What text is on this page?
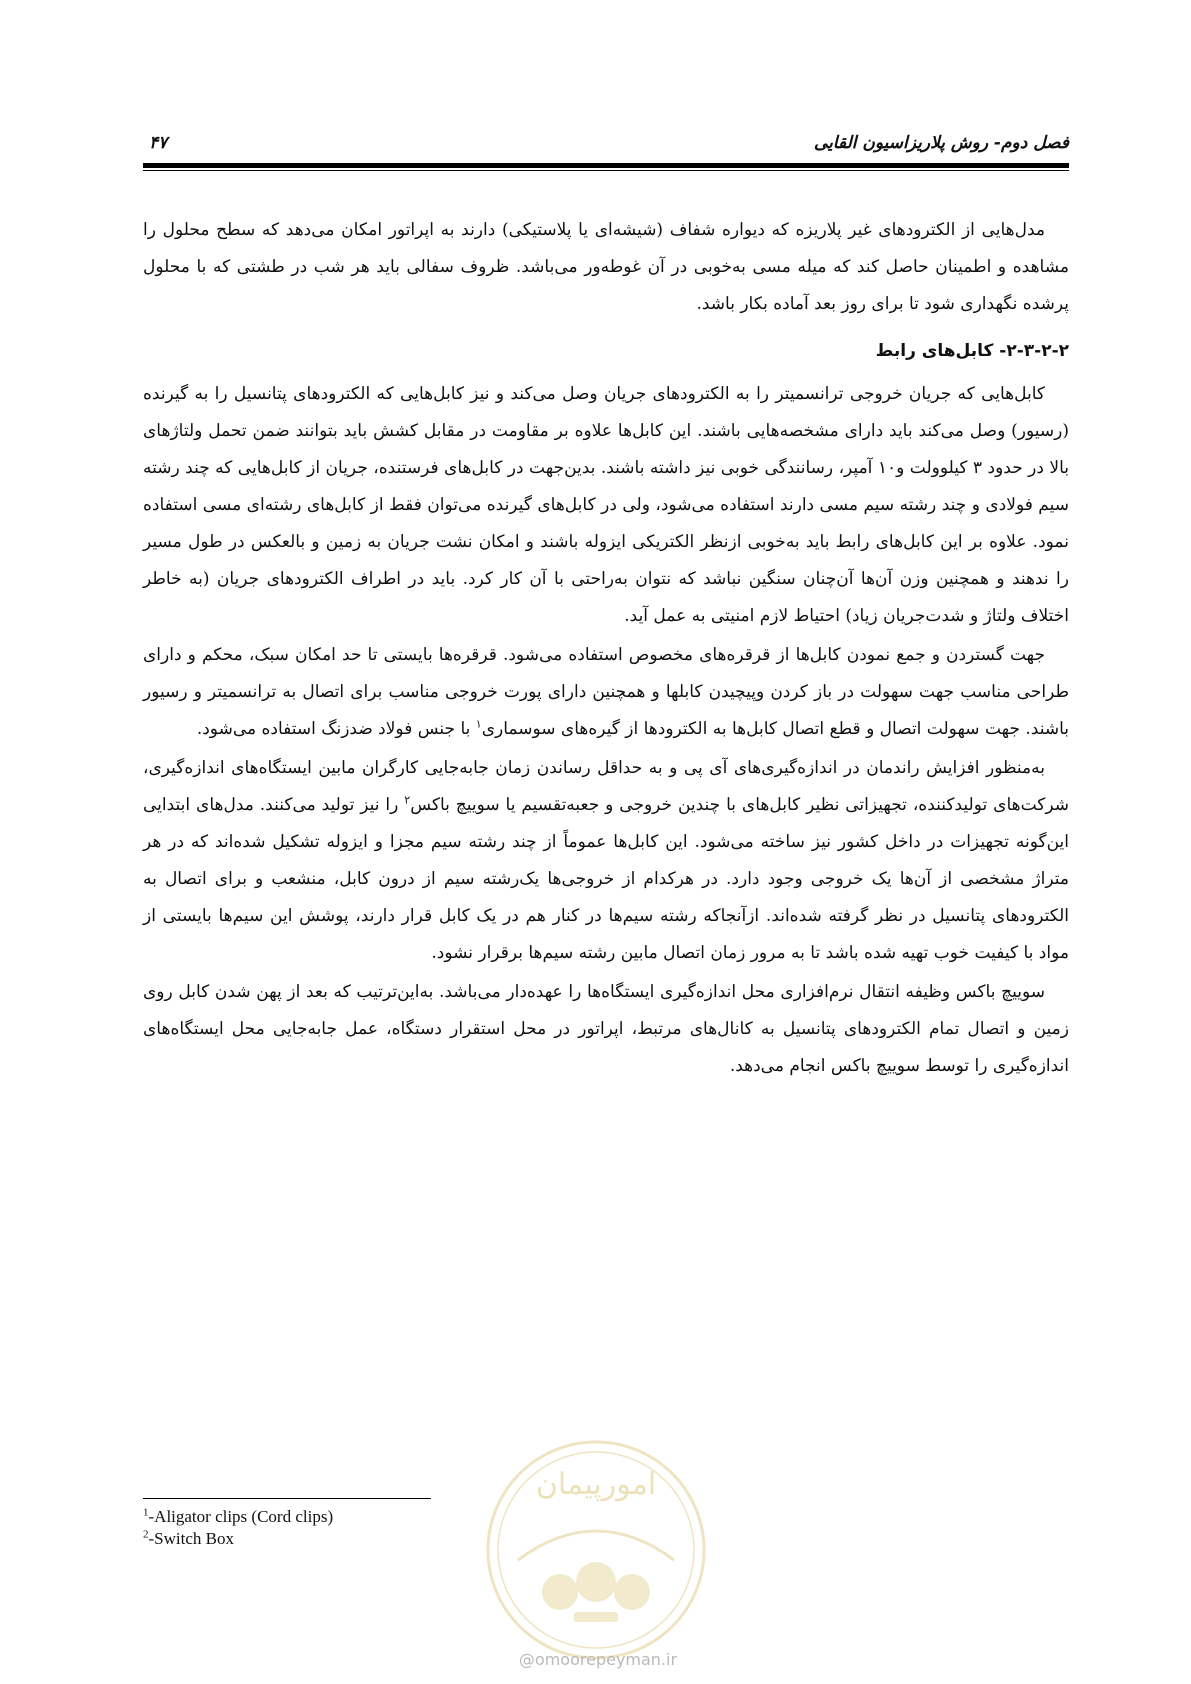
فصل دوم- روش پلاریزاسیون القایی
۴۷

مدل‌هایی از الکترودهای غیر پلاریزه که دیواره شفاف (شیشه‌ای یا پلاستیکی) دارند به اپراتور امکان می‌دهد که سطح محلول را مشاهده و اطمینان حاصل کند که میله مسی به‌خوبی در آن غوطه‌ور می‌باشد. ظروف سفالی باید هر شب در طشتی که با محلول پرشده نگهداری شود تا برای روز بعد آماده بکار باشد.

۲-۳-۲-۲- کابل‌های رابط

کابل‌هایی که جریان خروجی ترانسمیتر را به الکترودهای جریان وصل می‌کند و نیز کابل‌هایی که الکترودهای پتانسیل را به گیرنده (رسیور) وصل می‌کند باید دارای مشخصه‌هایی باشند. این کابل‌ها علاوه بر مقاومت در مقابل کشش باید بتوانند ضمن تحمل ولتاژهای بالا در حدود ۳ کیلوولت و۱۰ آمپر، رسانندگی خوبی نیز داشته باشند. بدین‌جهت در کابل‌های فرستنده، جریان از کابل‌هایی که چند رشته سیم فولادی و چند رشته سیم مسی دارند استفاده می‌شود، ولی در کابل‌های گیرنده می‌توان فقط از کابل‌های رشته‌ای مسی استفاده نمود. علاوه بر این کابل‌های رابط باید به‌خوبی ازنظر الکتریکی ایزوله باشند و امکان نشت جریان به زمین و بالعکس در طول مسیر را ندهند و همچنین وزن آن‌ها آن‌چنان سنگین نباشد که نتوان به‌راحتی با آن کار کرد. باید در اطراف الکترودهای جریان (به خاطر اختلاف ولتاژ و شدت‌جریان زیاد) احتیاط لازم امنیتی به عمل آید.

جهت گستردن و جمع نمودن کابل‌ها از قرقره‌های مخصوص استفاده می‌شود. قرقره‌ها بایستی تا حد امکان سبک، محکم و دارای طراحی مناسب جهت سهولت در باز کردن وپیچیدن کابلها و همچنین دارای پورت خروجی مناسب برای اتصال به ترانسمیتر و رسیور باشند. جهت سهولت اتصال و قطع اتصال کابل‌ها به الکترودها از گیره‌های سوسماری$^۱$ با جنس فولاد ضدزنگ استفاده می‌شود.

به‌منظور افزایش راندمان در اندازه‌گیری‌های آی پی و به حداقل رساندن زمان جابه‌جایی کارگران مابین ایستگاه‌های اندازه‌گیری، شرکت‌های تولیدکننده، تجهیزاتی نظیر کابل‌های با چندین خروجی و جعبه‌تقسیم یا سوییچ باکس$^۲$ را نیز تولید می‌کنند. مدل‌های ابتدایی این‌گونه تجهیزات در داخل کشور نیز ساخته می‌شود. این کابل‌ها عموماً از چند رشته سیم مجزا و ایزوله تشکیل شده‌اند که در هر متراژ مشخصی از آن‌ها یک خروجی وجود دارد. در هرکدام از خروجی‌ها یک‌رشته سیم از درون کابل، منشعب و برای اتصال به الکترودهای پتانسیل در نظر گرفته شده‌اند. ازآنجاکه رشته سیم‌ها در کنار هم در یک کابل قرار دارند، پوشش این سیم‌ها بایستی از مواد با کیفیت خوب تهیه شده باشد تا به مرور زمان اتصال مابین رشته سیم‌ها برقرار نشود.

سوییچ باکس وظیفه انتقال نرم‌افزاری محل اندازه‌گیری ایستگاه‌ها را عهده‌دار می‌باشد. به‌این‌ترتیب که بعد از پهن شدن کابل روی زمین و اتصال تمام الکترودهای پتانسیل به کانال‌های مرتبط، اپراتور در محل استقرار دستگاه، عمل جابه‌جایی محل ایستگاه‌های اندازه‌گیری را توسط سوییچ باکس انجام می‌دهد.

$^1$-Aligator clips (Cord clips)
$^2$-Switch Box
امورپیمان
@omoorepeyman.ir
